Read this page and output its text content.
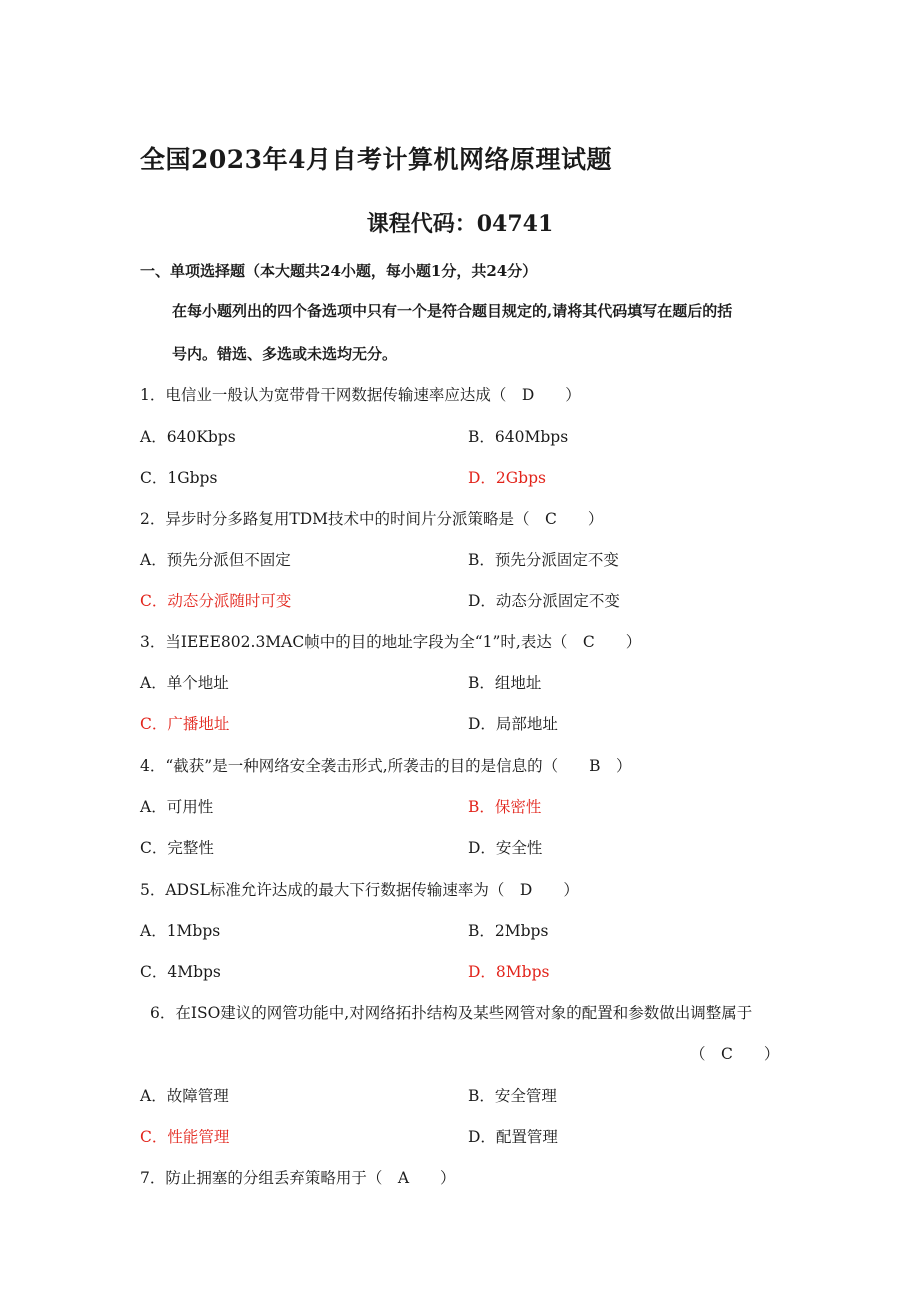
全国2023年4月自考计算机网络原理试题
课程代码：04741
一、单项选择题（本大题共24小题，每小题1分，共24分）
在每小题列出的四个备选项中只有一个是符合题目规定的,请将其代码填写在题后的括
号内。错选、多选或未选均无分。
1．电信业一般认为宽带骨干网数据传输速率应达成（　D　　）
A．640Kbps	B．640Mbps
C．1Gbps	D．2Gbps
2．异步时分多路复用TDM技术中的时间片分派策略是（　C　　）
A．预先分派但不固定	B．预先分派固定不变
C．动态分派随时可变	D．动态分派固定不变
3．当IEEE802.3MAC帧中的目的地址字段为全“1”时,表达（　C　　）
A．单个地址	B．组地址
C．广播地址	D．局部地址
4．“截获”是一种网络安全袭击形式,所袭击的目的是信息的（　　B　）
A．可用性	B．保密性
C．完整性	D．安全性
5．ADSL标准允许达成的最大下行数据传输速率为（　D　　）
A．1Mbps	B．2Mbps
C．4Mbps	D．8Mbps
6．在ISO建议的网管功能中,对网络拓扑结构及某些网管对象的配置和参数做出调整属于
（　C　　）
A．故障管理	B．安全管理
C．性能管理	D．配置管理
7．防止拥塞的分组丢弃策略用于（　A　　）
